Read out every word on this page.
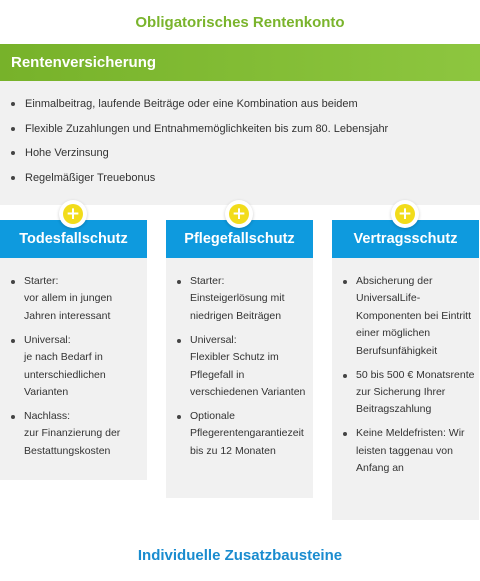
Obligatorisches Rentenkonto
Rentenversicherung
Einmalbeitrag, laufende Beiträge oder eine Kombination aus beidem
Flexible Zuzahlungen und Entnahmemöglichkeiten bis zum 80. Lebensjahr
Hohe Verzinsung
Regelmäßiger Treuebonus
Todesfallschutz
+
Starter:
vor allem in jungen Jahren interessant
Universal:
je nach Bedarf in unterschiedlichen Varianten
Nachlass:
zur Finanzierung der Bestattungskosten
Pflegefallschutz
+
Starter:
Einsteigerlösung mit niedrigen Beiträgen
Universal:
Flexibler Schutz im Pflegefall in verschiedenen Varianten
Optionale Pflegerentengarantiezeit bis zu 12 Monaten
Vertragsschutz
+
Absicherung der UniversalLife-Komponenten bei Eintritt einer möglichen Berufsunfähigkeit
50 bis 500 € Monatsrente zur Sicherung Ihrer Beitragszahlung
Keine Meldefristen: Wir leisten taggenau von Anfang an
Individuelle Zusatzbausteine
